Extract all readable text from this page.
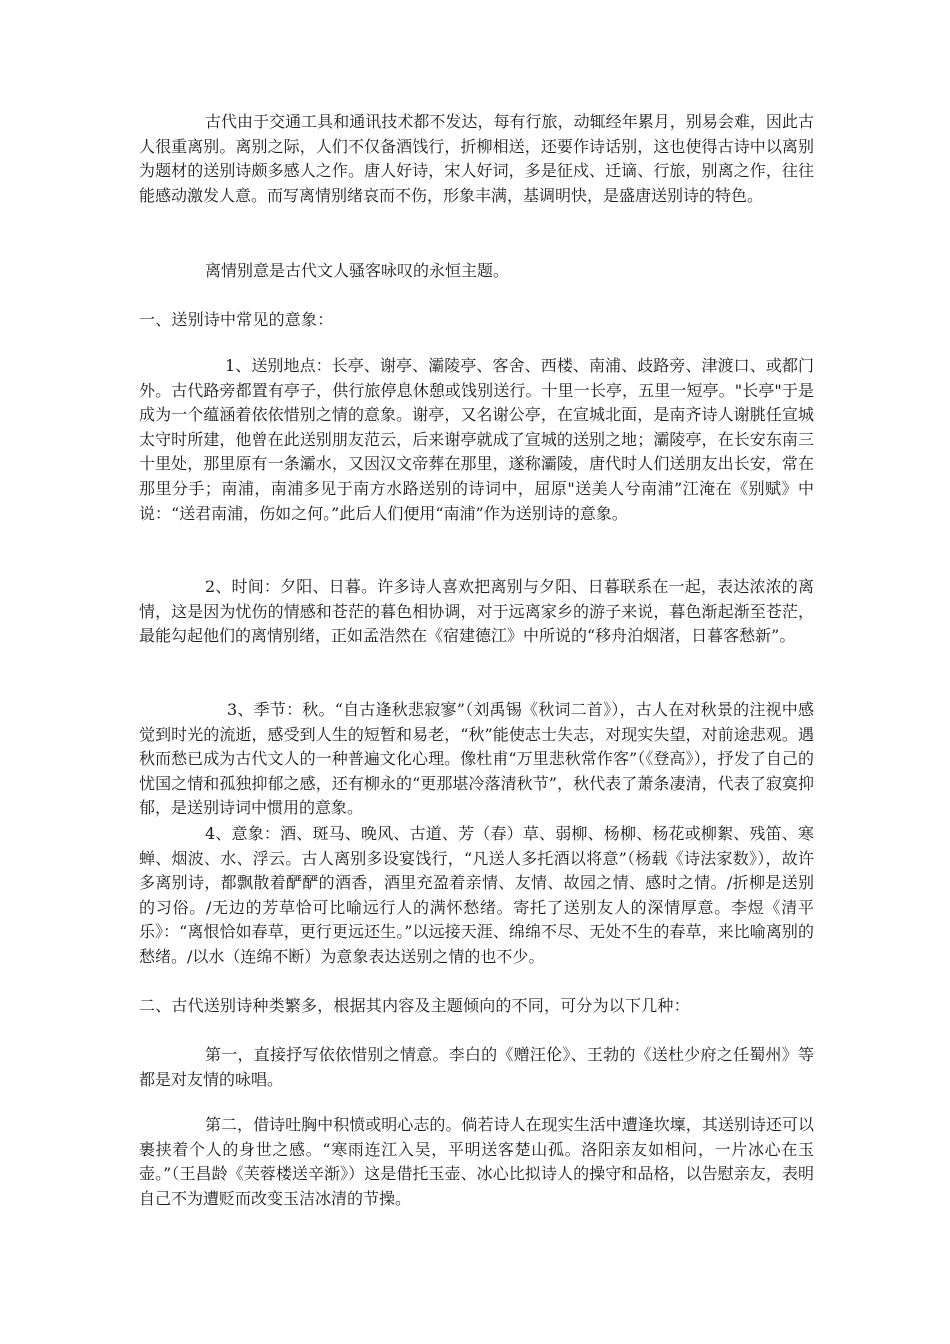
古代由于交通工具和通讯技术都不发达，每有行旅，动辄经年累月，别易会难，因此古人很重离别。离别之际，人们不仅备酒饯行，折柳相送，还要作诗话别，这也使得古诗中以离别为题材的送别诗颇多感人之作。唐人好诗，宋人好词，多是征戍、迁谪、行旅，别离之作，往往能感动激发人意。而写离情别绪哀而不伤，形象丰满，基调明快，是盛唐送别诗的特色。

离情别意是古代文人骚客咏叹的永恒主题。

一、送别诗中常见的意象：

1、送别地点：长亭、谢亭、灞陵亭、客舍、西楼、南浦、歧路旁、津渡口、或都门外。古代路旁都置有亭子，供行旅停息休憩或饯别送行。十里一长亭，五里一短亭。"长亭"于是成为一个蕴涵着依依惜别之情的意象。谢亭，又名谢公亭，在宣城北面，是南齐诗人谢朓任宣城太守时所建，他曾在此送别朋友范云，后来谢亭就成了宣城的送别之地；灞陵亭，在长安东南三十里处，那里原有一条灞水，又因汉文帝葬在那里，遂称灞陵，唐代时人们送朋友出长安，常在那里分手；南浦，南浦多见于南方水路送别的诗词中，屈原"送美人兮南浦”江淹在《别赋》中说：“送君南浦，伤如之何。”此后人们便用“南浦”作为送别诗的意象。

2、时间：夕阳、日暮。许多诗人喜欢把离别与夕阳、日暮联系在一起，表达浓浓的离情，这是因为忧伤的情感和苍茫的暮色相协调，对于远离家乡的游子来说，暮色渐起渐至苍茫，最能勾起他们的离情别绪，正如孟浩然在《宿建德江》中所说的“移舟泊烟渚，日暮客愁新”。

3、季节：秋。“自古逢秋悲寂寥”（刘禹锡《秋词二首》），古人在对秋景的注视中感觉到时光的流逝，感受到人生的短暂和易老，“秋”能使志士失志，对现实失望，对前途悲观。遇秋而愁已成为古代文人的一种普遍文化心理。像杜甫“万里悲秋常作客”（《登高》），抒发了自己的忧国之情和孤独抑郁之感，还有柳永的“更那堪冷落清秋节”，秋代表了萧条凄清，代表了寂寞抑郁，是送别诗词中惯用的意象。

4、意象：酒、斑马、晚风、古道、芳（春）草、弱柳、杨柳、杨花或柳絮、残笛、寒蝉、烟波、水、浮云。古人离别多设宴饯行，“凡送人多托酒以将意”（杨载《诗法家数》），故许多离别诗，都飘散着酽酽的酒香，酒里充盈着亲情、友情、故园之情、感时之情。/折柳是送别的习俗。/无边的芳草恰可比喻远行人的满怀愁绪。寄托了送别友人的深情厚意。李煜《清平乐》：“离恨恰如春草，更行更远还生。”以远接天涯、绵绵不尽、无处不生的春草，来比喻离别的愁绪。/以水（连绵不断）为意象表达送别之情的也不少。

二、古代送别诗种类繁多，根据其内容及主题倾向的不同，可分为以下几种：

第一，直接抒写依依惜别之情意。李白的《赠汪伦》、王勃的《送杜少府之任蜀州》等都是对友情的咏唱。

第二，借诗吐胸中积愤或明心志的。倘若诗人在现实生活中遭逢坎壈，其送别诗还可以裹挟着个人的身世之感。“寒雨连江入吴，平明送客楚山孤。洛阳亲友如相问，一片冰心在玉壶。”（王昌龄《芙蓉楼送辛渐》）这是借托玉壶、冰心比拟诗人的操守和品格，以告慰亲友，表明自己不为遭贬而改变玉洁冰清的节操。
